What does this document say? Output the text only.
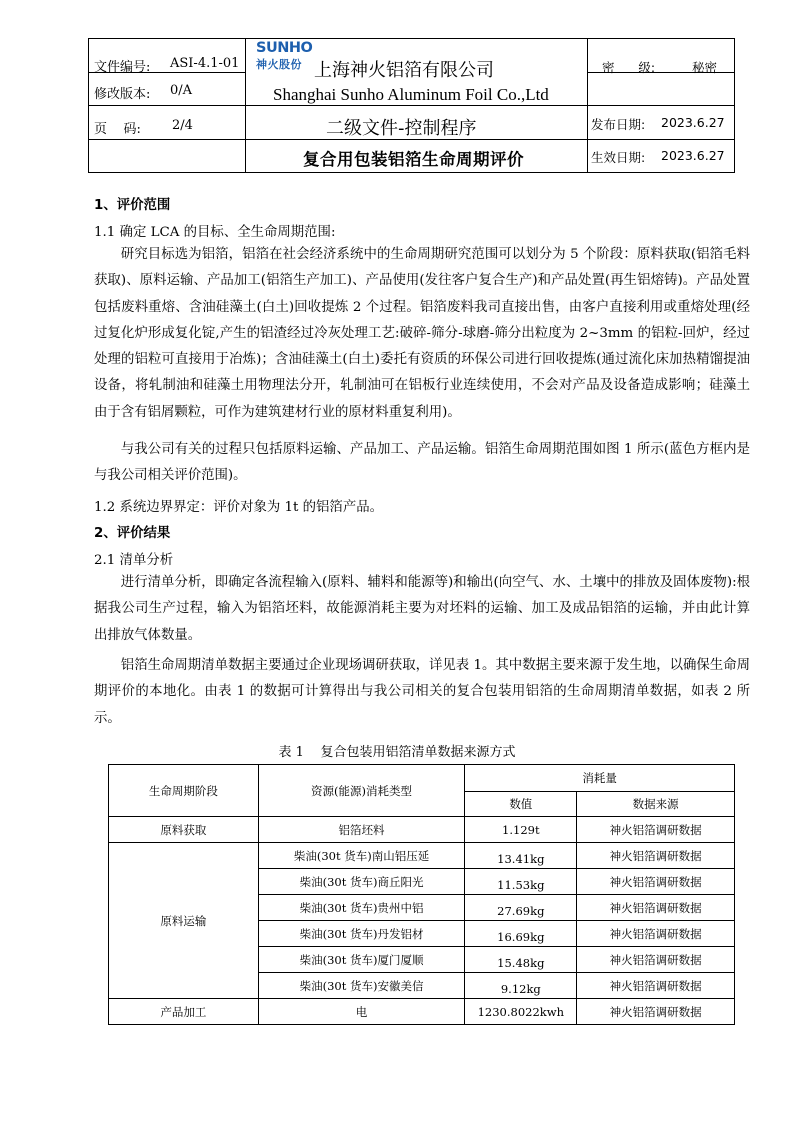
文件编号: ASI-4.1-01
修改版本: 0/A
页    码: 2/4
SUNHO
神火股份 上海神火铝箔有限公司
Shanghai Sunho Aluminum Foil Co.,Ltd
二级文件-控制程序
复合用包装铝箔生命周期评价
密      级:	秘密
发布日期: 2023.6.27
生效日期: 2023.6.27
1、评价范围
1.1 确定 LCA 的目标、全生命周期范围:
研究目标选为铝箔，铝箔在社会经济系统中的生命周期研究范围可以划分为 5 个阶段：原料获取(铝箔毛料获取)、原料运输、产品加工(铝箔生产加工)、产品使用(发往客户复合生产)和产品处置(再生铝熔铸)。产品处置包括废料重熔、含油硅藻土(白土)回收提炼 2 个过程。铝箔废料我司直接出售，由客户直接利用或重熔处理(经过复化炉形成复化锭,产生的铝渣经过冷灰处理工艺:破碎-筛分-球磨-筛分出粒度为 2~3mm 的铝粒-回炉，经过处理的铝粒可直接用于冶炼)；含油硅藻土(白土)委托有资质的环保公司进行回收提炼(通过流化床加热精馏提油设备，将轧制油和硅藻土用物理法分开，轧制油可在铝板行业连续使用，不会对产品及设备造成影响；硅藻土由于含有铝屑颗粒，可作为建筑建材行业的原材料重复利用)。
与我公司有关的过程只包括原料运输、产品加工、产品运输。铝箔生命周期范围如图 1 所示(蓝色方框内是与我公司相关评价范围)。
1.2 系统边界界定：评价对象为 1t 的铝箔产品。
2、评价结果
2.1 清单分析
进行清单分析，即确定各流程输入(原料、辅料和能源等)和输出(向空气、水、土壤中的排放及固体废物):根据我公司生产过程，输入为铝箔坯料，故能源消耗主要为对坯料的运输、加工及成品铝箔的运输，并由此计算出排放气体数量。
铝箔生命周期清单数据主要通过企业现场调研获取，详见表 1。其中数据主要来源于发生地，以确保生命周期评价的本地化。由表 1 的数据可计算得出与我公司相关的复合包装用铝箔的生命周期清单数据，如表 2 所示。
表 1    复合包装用铝箔清单数据来源方式
生命周期阶段	资源(能源)消耗类型	消耗量	
		数值	数据来源
原料获取	铝箔坯料	1.129t	神火铝箔调研数据
原料运输	柴油(30t 货车)南山铝压延	13.41kg	神火铝箔调研数据
	柴油(30t 货车)商丘阳光	11.53kg	神火铝箔调研数据
	柴油(30t 货车)贵州中铝	27.69kg	神火铝箔调研数据
	柴油(30t 货车)丹发铝材	16.69kg	神火铝箔调研数据
	柴油(30t 货车)厦门厦顺	15.48kg	神火铝箔调研数据
	柴油(30t 货车)安徽美信	9.12kg	神火铝箔调研数据
产品加工	电	1230.8022kwh	神火铝箔调研数据
